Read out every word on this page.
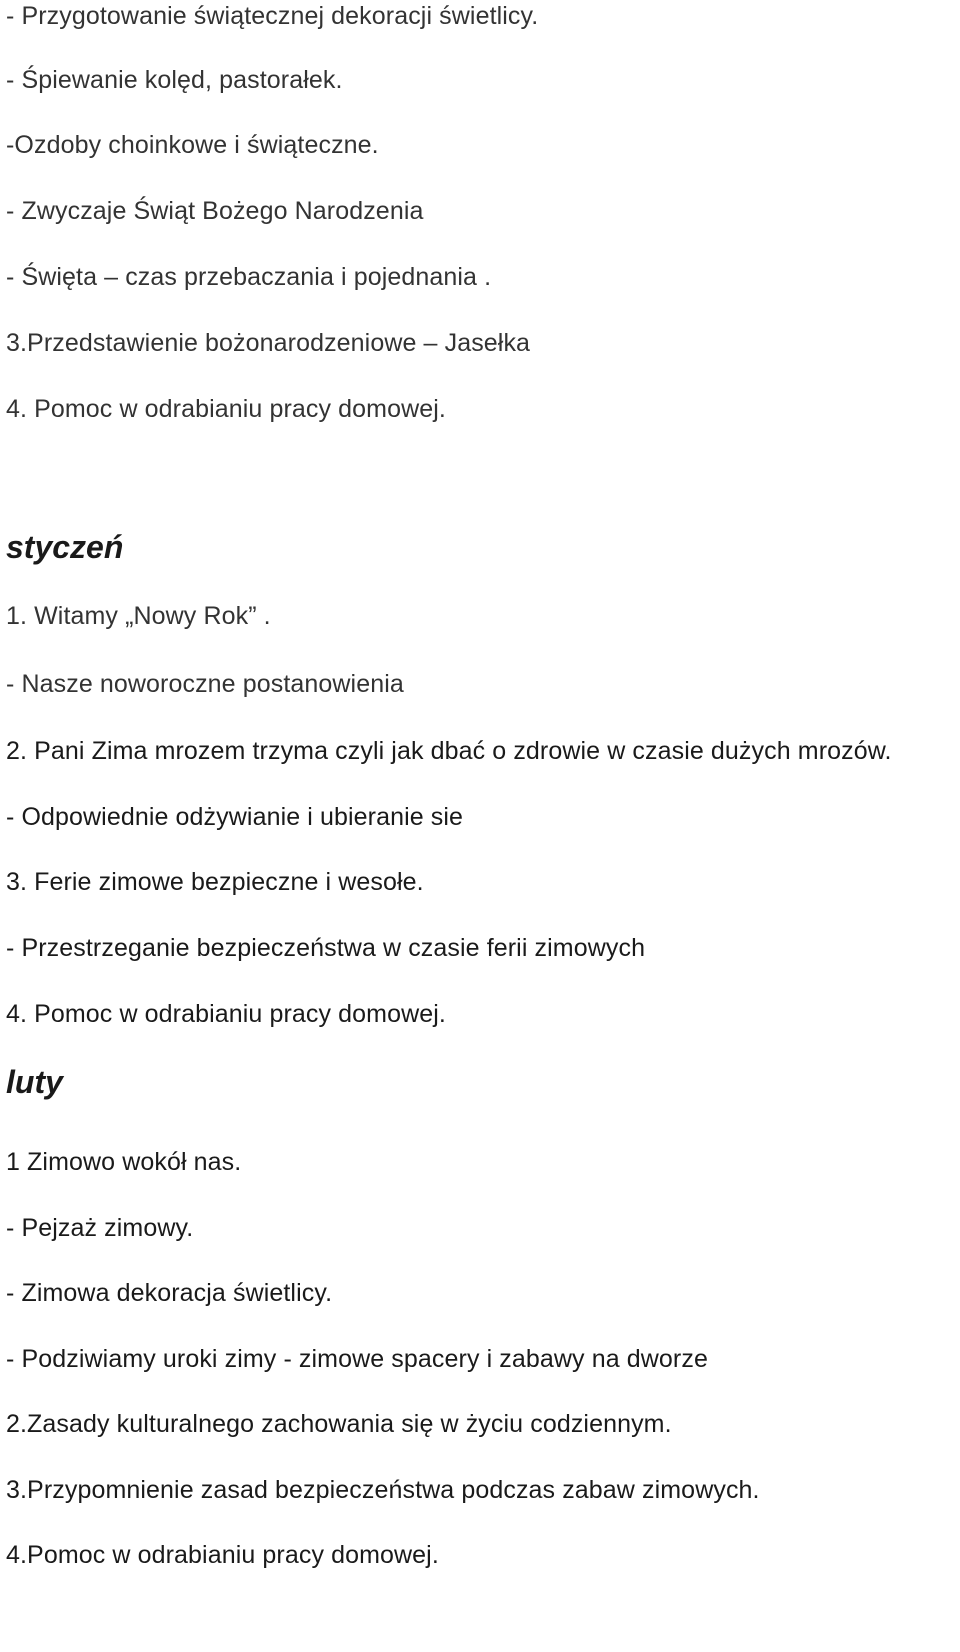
- Przygotowanie świątecznej dekoracji świetlicy.

- Śpiewanie kolęd, pastorałek.

-Ozdoby choinkowe i świąteczne.

- Zwyczaje Świąt Bożego Narodzenia

- Święta – czas przebaczania i pojednania .

3.Przedstawienie bożonarodzeniowe – Jasełka

4. Pomoc w odrabianiu pracy domowej.

styczeń

1. Witamy „Nowy Rok” .

- Nasze noworoczne postanowienia

2. Pani Zima mrozem trzyma czyli jak dbać o zdrowie w czasie dużych mrozów.

- Odpowiednie odżywianie i ubieranie sie

3. Ferie zimowe bezpieczne i wesołe.

- Przestrzeganie bezpieczeństwa w czasie ferii zimowych

4. Pomoc w odrabianiu pracy domowej.

luty

1 Zimowo wokół nas.

- Pejzaż zimowy.

- Zimowa dekoracja świetlicy.

- Podziwiamy uroki zimy - zimowe spacery i zabawy na dworze

2.Zasady kulturalnego zachowania się w życiu codziennym.

3.Przypomnienie zasad bezpieczeństwa podczas zabaw zimowych.

4.Pomoc w odrabianiu pracy domowej.
